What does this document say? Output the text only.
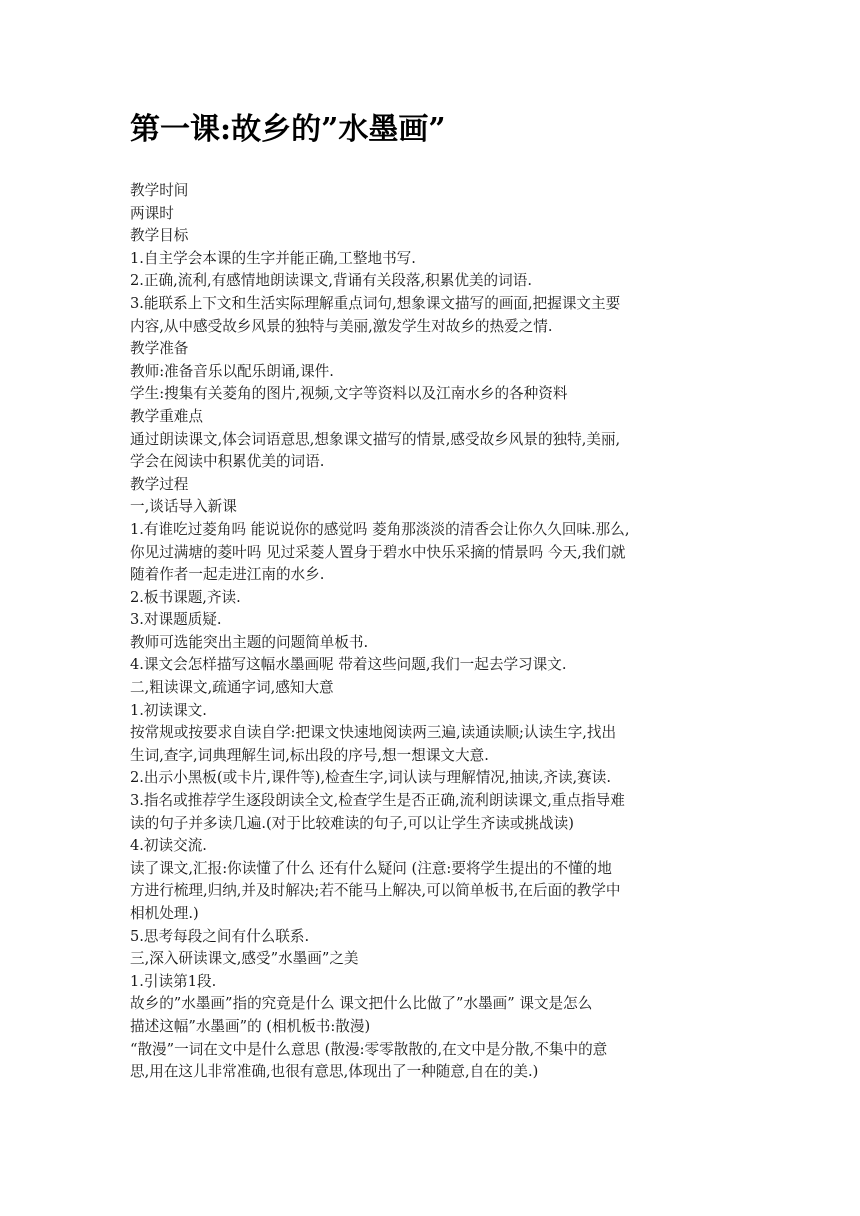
第一课:故乡的”水墨画”
教学时间
两课时
教学目标
1.自主学会本课的生字并能正确,工整地书写.
2.正确,流利,有感情地朗读课文,背诵有关段落,积累优美的词语.
3.能联系上下文和生活实际理解重点词句,想象课文描写的画面,把握课文主要
内容,从中感受故乡风景的独特与美丽,激发学生对故乡的热爱之情.
教学准备
教师:准备音乐以配乐朗诵,课件.
学生:搜集有关菱角的图片,视频,文字等资料以及江南水乡的各种资料
教学重难点
通过朗读课文,体会词语意思,想象课文描写的情景,感受故乡风景的独特,美丽,
学会在阅读中积累优美的词语.
教学过程
一,谈话导入新课
1.有谁吃过菱角吗 能说说你的感觉吗 菱角那淡淡的清香会让你久久回味.那么,
你见过满塘的菱叶吗 见过采菱人置身于碧水中快乐采摘的情景吗 今天,我们就
随着作者一起走进江南的水乡.
2.板书课题,齐读.
3.对课题质疑.
教师可选能突出主题的问题简单板书.
4.课文会怎样描写这幅水墨画呢 带着这些问题,我们一起去学习课文.
二,粗读课文,疏通字词,感知大意
1.初读课文.
按常规或按要求自读自学:把课文快速地阅读两三遍,读通读顺;认读生字,找出
生词,查字,词典理解生词,标出段的序号,想一想课文大意.
2.出示小黑板(或卡片,课件等),检查生字,词认读与理解情况,抽读,齐读,赛读.
3.指名或推荐学生逐段朗读全文,检查学生是否正确,流利朗读课文,重点指导难
读的句子并多读几遍.(对于比较难读的句子,可以让学生齐读或挑战读)
4.初读交流.
读了课文,汇报:你读懂了什么 还有什么疑问 (注意:要将学生提出的不懂的地
方进行梳理,归纳,并及时解决;若不能马上解决,可以简单板书,在后面的教学中
相机处理.)
5.思考每段之间有什么联系.
三,深入研读课文,感受”水墨画”之美
1.引读第1段.
故乡的”水墨画”指的究竟是什么 课文把什么比做了”水墨画” 课文是怎么
描述这幅”水墨画”的 (相机板书:散漫)
“散漫”一词在文中是什么意思 (散漫:零零散散的,在文中是分散,不集中的意
思,用在这儿非常准确,也很有意思,体现出了一种随意,自在的美.)
